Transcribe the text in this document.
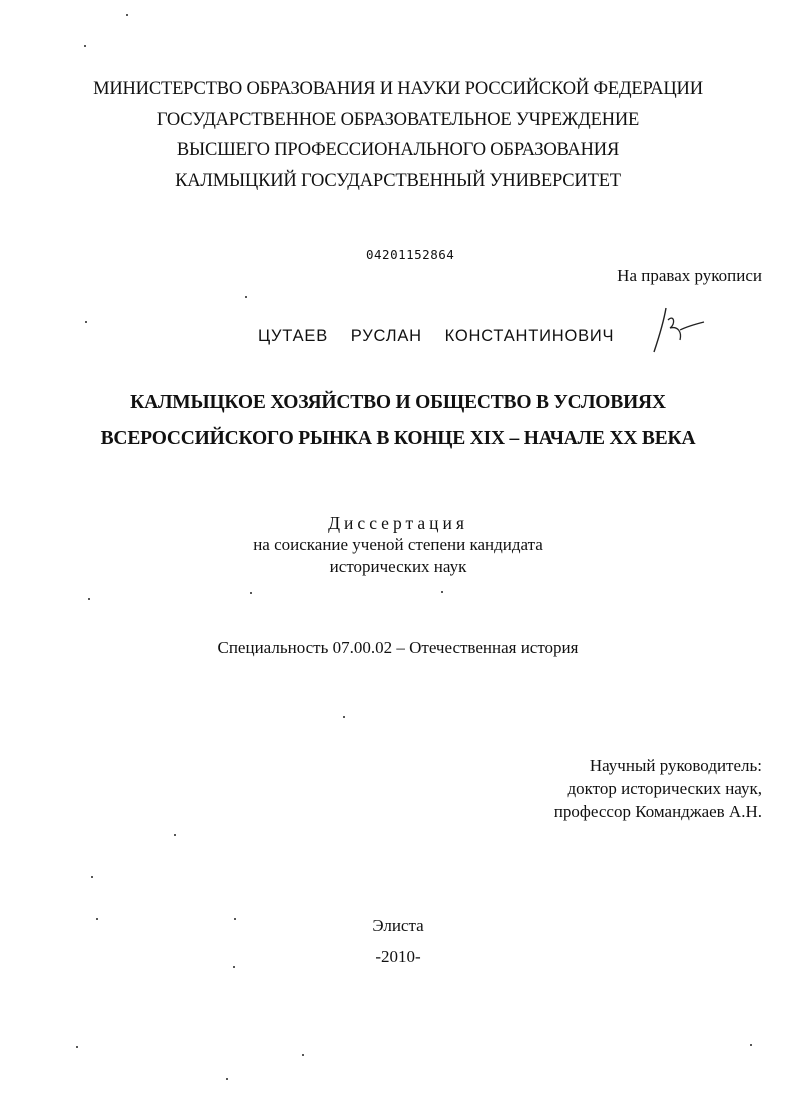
МИНИСТЕРСТВО ОБРАЗОВАНИЯ И НАУКИ РОССИЙСКОЙ ФЕДЕРАЦИИ
ГОСУДАРСТВЕННОЕ ОБРАЗОВАТЕЛЬНОЕ УЧРЕЖДЕНИЕ
ВЫСШЕГО ПРОФЕССИОНАЛЬНОГО ОБРАЗОВАНИЯ
КАЛМЫЦКИЙ ГОСУДАРСТВЕННЫЙ УНИВЕРСИТЕТ
04201152864
На правах рукописи
ЦУТАЕВ  РУСЛАН  КОНСТАНТИНОВИЧ
КАЛМЫЦКОЕ ХОЗЯЙСТВО И ОБЩЕСТВО В УСЛОВИЯХ
ВСЕРОССИЙСКОГО РЫНКА В КОНЦЕ XIX – НАЧАЛЕ XX ВЕКА
Диссертация
на соискание ученой степени кандидата
исторических наук
Специальность 07.00.02 – Отечественная история
Научный руководитель:
доктор исторических наук,
профессор Команджаев А.Н.
Элиста
-2010-
